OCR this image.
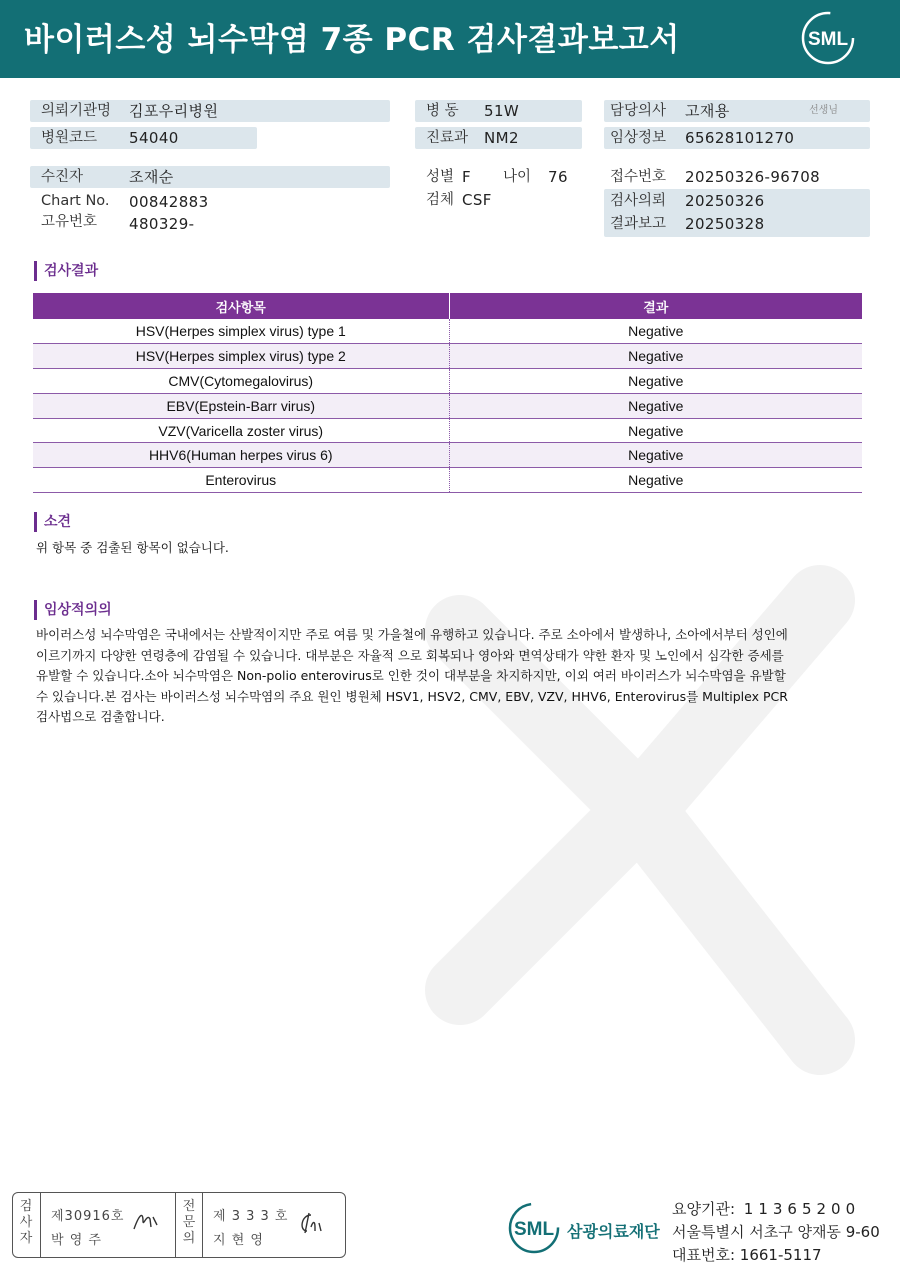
바이러스성 뇌수막염 7종 PCR 검사결과보고서	SML
의뢰기관명 김포우리병원
병원코드 54040
수진자	조재순
Chart No. 00842883
고유번호 480329-
병 동 51W
진료과 NM2
성별 F 나이 76
검체 CSF
담당의사 고재용	선생님
임상정보 65628101270
접수번호 20250326-96708
검사의뢰 20250326
결과보고 20250328
검사결과
검사항목	결과
HSV(Herpes simplex virus) type 1	Negative
HSV(Herpes simplex virus) type 2	Negative
CMV(Cytomegalovirus)	Negative
EBV(Epstein-Barr virus)	Negative
VZV(Varicella zoster virus)	Negative
HHV6(Human herpes virus 6)	Negative
Enterovirus	Negative
소견
위 항목 중 검출된 항목이 없습니다.
임상적의의
바이러스성 뇌수막염은 국내에서는 산발적이지만 주로 여름 및 가을철에 유행하고 있습니다. 주로 소아에서 발생하나, 소아에서부터 성인에
이르기까지 다양한 연령층에 감염될 수 있습니다. 대부분은 자율적 으로 회복되나 영아와 면역상태가 약한 환자 및 노인에서 심각한 증세를
유발할 수 있습니다.소아 뇌수막염은 Non-polio enterovirus로 인한 것이 대부분을 차지하지만, 이외 여러 바이러스가 뇌수막염을 유발할
수 있습니다.본 검사는 바이러스성 뇌수막염의 주요 원인 병원체 HSV1, HSV2, CMV, EBV, VZV, HHV6, Enterovirus를 Multiplex PCR
검사법으로 검출합니다.
검
사
자
제30916호
박 영 주
전
문
의
제 3 3 3 호
지 현 영
SML 삼광의료재단
요양기관: 11365200
서울특별시 서초구 양재동 9-60
대표번호: 1661-5117
